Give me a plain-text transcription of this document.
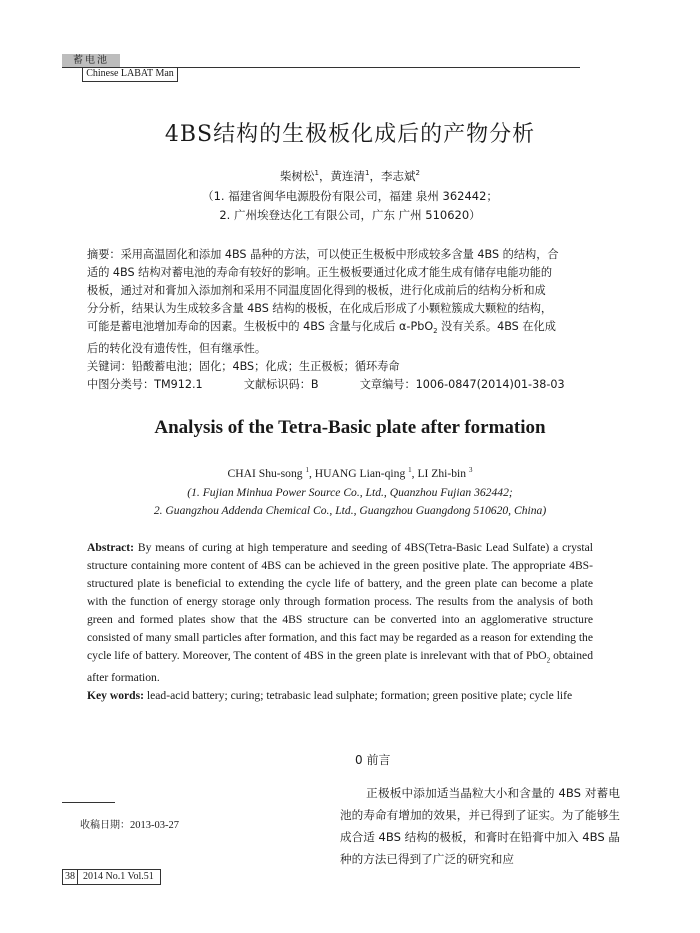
蓄电池
Chinese LABAT Man
4BS结构的生极板化成后的产物分析
柴树松$^1$，黄连清$^1$，李志斌$^2$
（1. 福建省闽华电源股份有限公司，福建 泉州 362442；
2. 广州埃登达化工有限公司，广东 广州 510620）

摘要：采用高温固化和添加 4BS 晶种的方法，可以使正生极板中形成较多含量 4BS 的结构，合

适的 4BS 结构对蓄电池的寿命有较好的影响。正生极板要通过化成才能生成有储存电能功能的

极板，通过对和膏加入添加剂和采用不同温度固化得到的极板，进行化成前后的结构分析和成

分分析，结果认为生成较多含量 4BS 结构的极板，在化成后形成了小颗粒簇成大颗粒的结构，

可能是蓄电池增加寿命的因素。生极板中的 4BS 含量与化成后 α-PbO$_2$ 没有关系。4BS 在化成

后的转化没有遗传性，但有继承性。

关键词：铅酸蓄电池；固化；4BS；化成；生正极板；循环寿命

中图分类号：TM912.1	文献标识码：B	文章编号：1006-0847(2014)01-38-03

Analysis of the Tetra-Basic plate after formation
CHAI Shu-song $^1$, HUANG Lian-qing $^1$, LI Zhi-bin $^3$
(1. Fujian Minhua Power Source Co., Ltd., Quanzhou Fujian 362442;
2. Guangzhou Addenda Chemical Co., Ltd., Guangzhou Guangdong 510620, China)

Abstract: By means of curing at high temperature and seeding of 4BS(Tetra-Basic Lead Sulfate) a crystal structure containing more content of 4BS can be achieved in the green positive plate. The appropriate 4BS-structured plate is beneficial to extending the cycle life of battery, and the green plate can become a plate with the function of energy storage only through formation process. The results from the analysis of both green and formed plates show that the 4BS structure can be converted into an agglomerative structure consisted of many small particles after formation, and this fact may be regarded as a reason for extending the cycle life of battery. Moreover, The content of 4BS in the green plate is inrelevant with that of PbO$_2$ obtained after formation.

Key words: lead-acid battery; curing; tetrabasic lead sulphate; formation; green positive plate; cycle life

0 前言
正极板中添加适当晶粒大小和含量的 4BS 对蓄电池的寿命有增加的效果，并已得到了证实。为了能够生成合适 4BS 结构的极板，和膏时在铅膏中加入 4BS 晶种的方法已得到了广泛的研究和应
收稿日期：2013-03-27
38 2014 No.1 Vol.51
